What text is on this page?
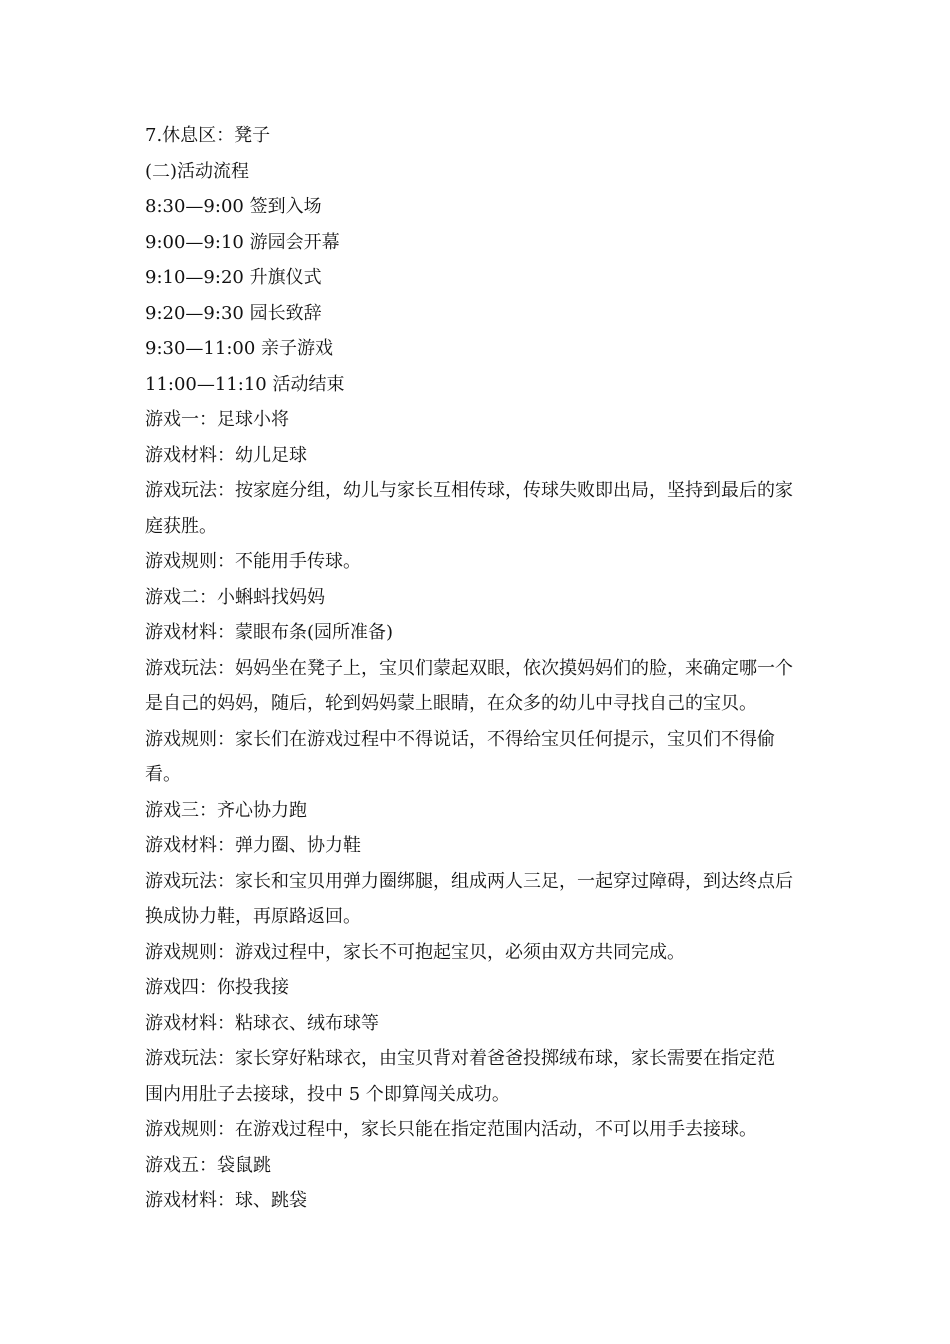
7.休息区：凳子
(二)活动流程
8:30—9:00 签到入场
9:00—9:10 游园会开幕
9:10—9:20 升旗仪式
9:20—9:30 园长致辞
9:30—11:00 亲子游戏
11:00—11:10 活动结束
游戏一：足球小将
游戏材料：幼儿足球
游戏玩法：按家庭分组，幼儿与家长互相传球，传球失败即出局，坚持到最后的家
庭获胜。
游戏规则：不能用手传球。
游戏二：小蝌蚪找妈妈
游戏材料：蒙眼布条(园所准备)
游戏玩法：妈妈坐在凳子上，宝贝们蒙起双眼，依次摸妈妈们的脸，来确定哪一个
是自己的妈妈，随后，轮到妈妈蒙上眼睛，在众多的幼儿中寻找自己的宝贝。
游戏规则：家长们在游戏过程中不得说话，不得给宝贝任何提示，宝贝们不得偷
看。
游戏三：齐心协力跑
游戏材料：弹力圈、协力鞋
游戏玩法：家长和宝贝用弹力圈绑腿，组成两人三足，一起穿过障碍，到达终点后
换成协力鞋，再原路返回。
游戏规则：游戏过程中，家长不可抱起宝贝，必须由双方共同完成。
游戏四：你投我接
游戏材料：粘球衣、绒布球等
游戏玩法：家长穿好粘球衣，由宝贝背对着爸爸投掷绒布球，家长需要在指定范
围内用肚子去接球，投中 5 个即算闯关成功。
游戏规则：在游戏过程中，家长只能在指定范围内活动，不可以用手去接球。
游戏五：袋鼠跳
游戏材料：球、跳袋
